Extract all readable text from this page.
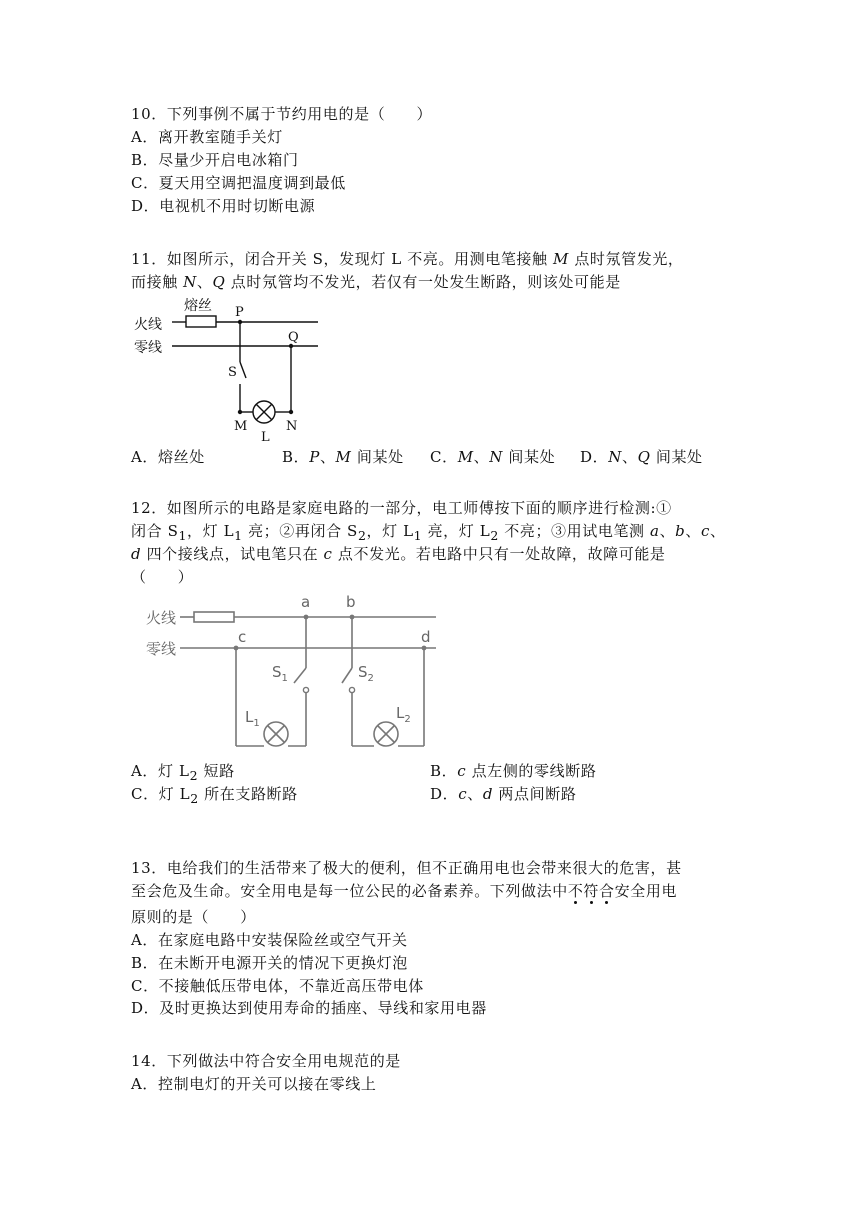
10．下列事例不属于节约用电的是（　　）
A．离开教室随手关灯
B．尽量少开启电冰箱门
C．夏天用空调把温度调到最低
D．电视机不用时切断电源
11．如图所示，闭合开关 S，发现灯 L 不亮。用测电笔接触 M 点时氖管发光，
而接触 N、Q 点时氖管均不发光，若仅有一处发生断路，则该处可能是
熔丝
火线
零线
P
Q
S
M
L
N
A．熔丝处	B．P、M 间某处 C．M、N 间某处 D．N、Q 间某处
12．如图所示的电路是家庭电路的一部分，电工师傅按下面的顺序进行检测:①
闭合 $S_1$，灯 $L_1$ 亮；②再闭合 $S_2$，灯 $L_1$ 亮，灯 $L_2$ 不亮；③用试电笔测 a、b、c、
d 四个接线点，试电笔只在 c 点不发光。若电路中只有一处故障，故障可能是
（　　）
火线
零线
a b
c	d
$S_1$	$S_2$
$L_1$
$L_2$
A．灯 $L_2$ 短路	B．c 点左侧的零线断路
C．灯 $L_2$ 所在支路断路	D．c、d 两点间断路
13．电给我们的生活带来了极大的便利，但不正确用电也会带来很大的危害，甚
至会危及生命。安全用电是每一位公民的必备素养。下列做法中不符合安全用电
原则的是（　　）
A．在家庭电路中安装保险丝或空气开关
B．在未断开电源开关的情况下更换灯泡
C．不接触低压带电体，不靠近高压带电体
D．及时更换达到使用寿命的插座、导线和家用电器
14．下列做法中符合安全用电规范的是
A．控制电灯的开关可以接在零线上
